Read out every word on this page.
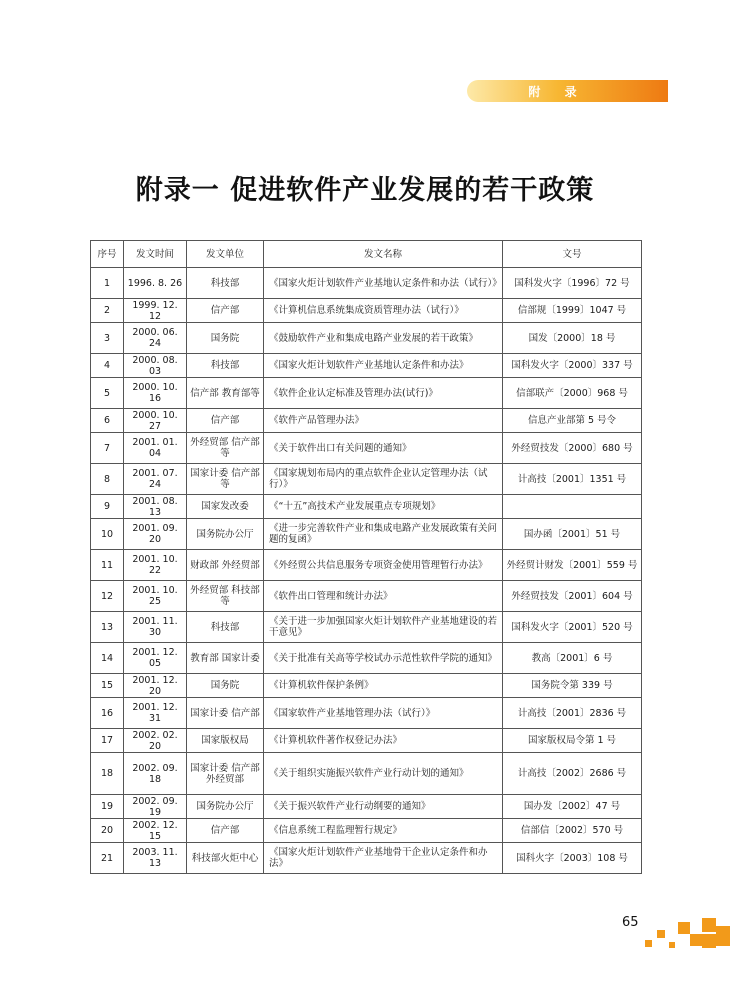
附 录
附录一 促进软件产业发展的若干政策
序号	发文时间	发文单位	发文名称	文号
1	1996. 8. 26	科技部	《国家火炬计划软件产业基地认定条件和办法（试行）》	国科发火字〔1996〕72 号
2	1999. 12. 12	信产部	《计算机信息系统集成资质管理办法（试行）》	信部规〔1999〕1047 号
3	2000. 06. 24	国务院	《鼓励软件产业和集成电路产业发展的若干政策》	国发〔2000〕18 号
4	2000. 08. 03	科技部	《国家火炬计划软件产业基地认定条件和办法》	国科发火字〔2000〕337 号
5	2000. 10. 16	信产部 教育部等	《软件企业认定标准及管理办法(试行)》	信部联产〔2000〕968 号
6	2000. 10. 27	信产部	《软件产品管理办法》	信息产业部第 5 号令
7	2001. 01. 04	外经贸部 信产部等	《关于软件出口有关问题的通知》	外经贸技发〔2000〕680 号
8	2001. 07. 24	国家计委 信产部等	《国家规划布局内的重点软件企业认定管理办法（试行）》	计高技〔2001〕1351 号
9	2001. 08. 13	国家发改委	《“十五”高技术产业发展重点专项规划》	
10	2001. 09. 20	国务院办公厅	《进一步完善软件产业和集成电路产业发展政策有关问题的复函》	国办函〔2001〕51 号
11	2001. 10. 22	财政部 外经贸部	《外经贸公共信息服务专项资金使用管理暂行办法》	外经贸计财发〔2001〕559 号
12	2001. 10. 25	外经贸部 科技部等	《软件出口管理和统计办法》	外经贸技发〔2001〕604 号
13	2001. 11. 30	科技部	《关于进一步加强国家火炬计划软件产业基地建设的若干意见》	国科发火字〔2001〕520 号
14	2001. 12. 05	教育部 国家计委	《关于批准有关高等学校试办示范性软件学院的通知》	教高〔2001〕6 号
15	2001. 12. 20	国务院	《计算机软件保护条例》	国务院令第 339 号
16	2001. 12. 31	国家计委 信产部	《国家软件产业基地管理办法（试行）》	计高技〔2001〕2836 号
17	2002. 02. 20	国家版权局	《计算机软件著作权登记办法》	国家版权局令第 1 号
18	2002. 09. 18	国家计委 信产部 外经贸部	《关于组织实施振兴软件产业行动计划的通知》	计高技〔2002〕2686 号
19	2002. 09. 19	国务院办公厅	《关于振兴软件产业行动纲要的通知》	国办发〔2002〕47 号
20	2002. 12. 15	信产部	《信息系统工程监理暂行规定》	信部信〔2002〕570 号
21	2003. 11. 13	科技部火炬中心	《国家火炬计划软件产业基地骨干企业认定条件和办法》	国科火字〔2003〕108 号
65
